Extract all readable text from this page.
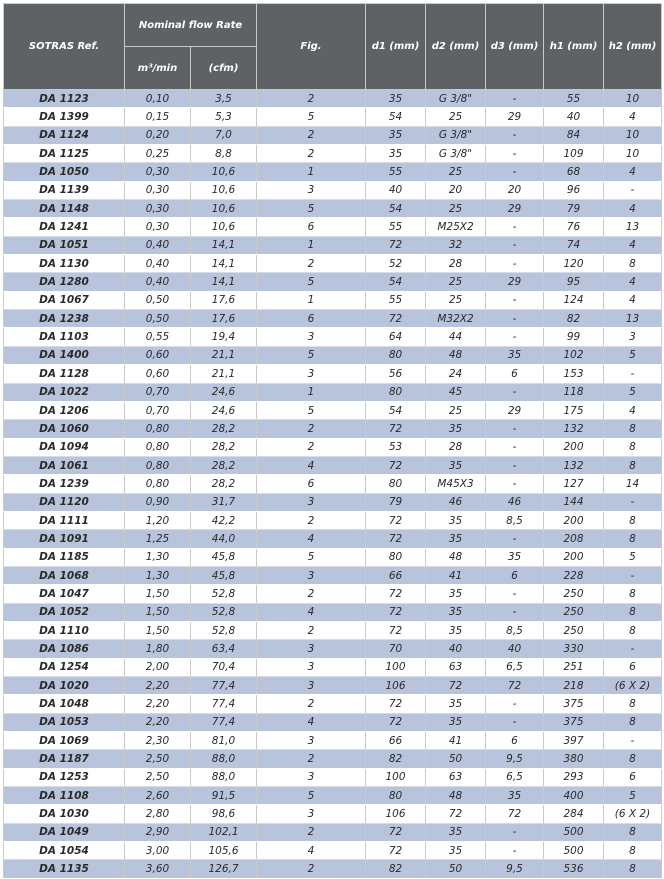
SOTRAS Ref.	Nominal flow Rate		Fig.	d1 (mm)	d2 (mm)	d3 (mm)	h1 (mm)	h2 (mm)
	m³/min	(cfm)						
DA 1123	0,10	3,5	2	35	G 3/8"	-	55	10
DA 1399	0,15	5,3	5	54	25	29	40	4
DA 1124	0,20	7,0	2	35	G 3/8"	-	84	10
DA 1125	0,25	8,8	2	35	G 3/8"	-	109	10
DA 1050	0,30	10,6	1	55	25	-	68	4
DA 1139	0,30	10,6	3	40	20	20	96	-
DA 1148	0,30	10,6	5	54	25	29	79	4
DA 1241	0,30	10,6	6	55	M25X2	-	76	13
DA 1051	0,40	14,1	1	72	32	-	74	4
DA 1130	0,40	14,1	2	52	28	-	120	8
DA 1280	0,40	14,1	5	54	25	29	95	4
DA 1067	0,50	17,6	1	55	25	-	124	4
DA 1238	0,50	17,6	6	72	M32X2	-	82	13
DA 1103	0,55	19,4	3	64	44	-	99	3
DA 1400	0,60	21,1	5	80	48	35	102	5
DA 1128	0,60	21,1	3	56	24	6	153	-
DA 1022	0,70	24,6	1	80	45	-	118	5
DA 1206	0,70	24,6	5	54	25	29	175	4
DA 1060	0,80	28,2	2	72	35	-	132	8
DA 1094	0,80	28,2	2	53	28	-	200	8
DA 1061	0,80	28,2	4	72	35	-	132	8
DA 1239	0,80	28,2	6	80	M45X3	-	127	14
DA 1120	0,90	31,7	3	79	46	46	144	-
DA 1111	1,20	42,2	2	72	35	8,5	200	8
DA 1091	1,25	44,0	4	72	35	-	208	8
DA 1185	1,30	45,8	5	80	48	35	200	5
DA 1068	1,30	45,8	3	66	41	6	228	-
DA 1047	1,50	52,8	2	72	35	-	250	8
DA 1052	1,50	52,8	4	72	35	-	250	8
DA 1110	1,50	52,8	2	72	35	8,5	250	8
DA 1086	1,80	63,4	3	70	40	40	330	-
DA 1254	2,00	70,4	3	100	63	6,5	251	6
DA 1020	2,20	77,4	3	106	72	72	218	(6 X 2)
DA 1048	2,20	77,4	2	72	35	-	375	8
DA 1053	2,20	77,4	4	72	35	-	375	8
DA 1069	2,30	81,0	3	66	41	6	397	-
DA 1187	2,50	88,0	2	82	50	9,5	380	8
DA 1253	2,50	88,0	3	100	63	6,5	293	6
DA 1108	2,60	91,5	5	80	48	35	400	5
DA 1030	2,80	98,6	3	106	72	72	284	(6 X 2)
DA 1049	2,90	102,1	2	72	35	-	500	8
DA 1054	3,00	105,6	4	72	35	-	500	8
DA 1135	3,60	126,7	2	82	50	9,5	536	8
